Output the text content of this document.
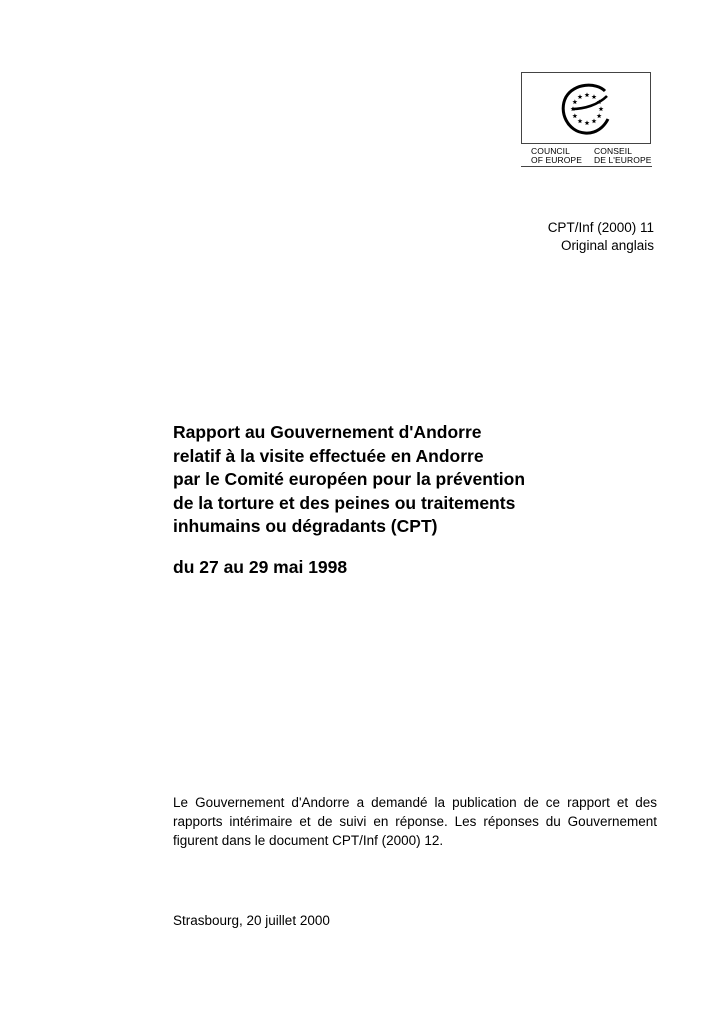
COUNCIL
OF EUROPE
CONSEIL
DE L'EUROPE
CPT/Inf (2000) 11
Original anglais
Rapport au Gouvernement d'Andorre
relatif à la visite effectuée en Andorre
par le Comité européen pour la prévention
de la torture et des peines ou traitements
inhumains ou dégradants (CPT)
du 27 au 29 mai 1998
Le Gouvernement d'Andorre a demandé la publication de ce rapport et des rapports intérimaire et de suivi en réponse. Les réponses du Gouvernement figurent dans le document CPT/Inf (2000) 12.
Strasbourg, 20 juillet 2000
